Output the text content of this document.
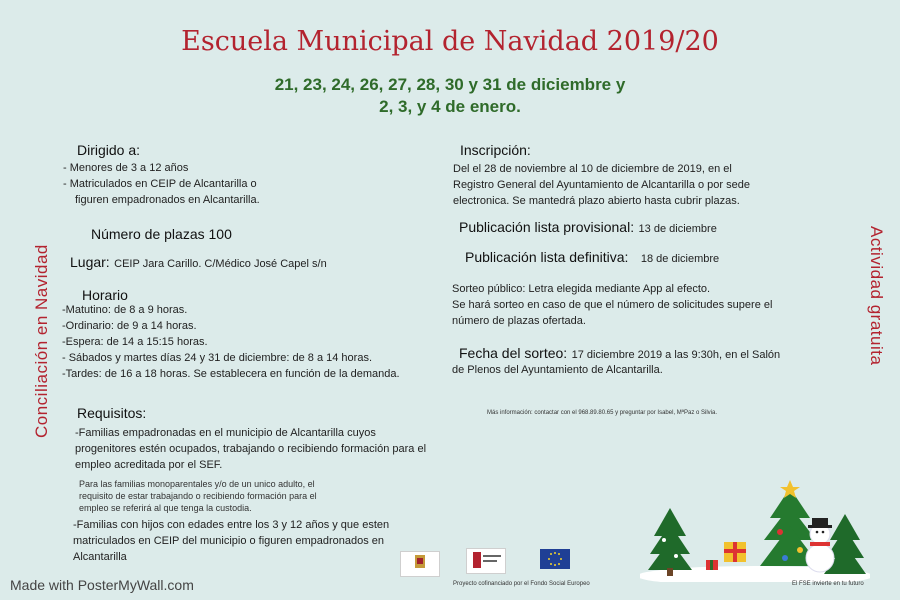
Escuela Municipal de Navidad 2019/20
21, 23, 24, 26, 27, 28, 30 y 31 de diciembre y
2, 3, y 4 de enero.
Conciliación en Navidad	Actividad gratuita
Dirigido a:
- Menores de 3 a 12 años
- Matriculados en CEIP de Alcantarilla o
figuren empadronados en Alcantarilla.
Número de plazas 100
Lugar: CEIP Jara Carillo. C/Médico José Capel s/n
Horario
-Matutino: de 8 a 9 horas.
-Ordinario: de 9 a 14 horas.
-Espera: de 14 a 15:15 horas.
- Sábados y martes días 24 y 31 de diciembre: de 8 a 14 horas.
-Tardes: de 16 a 18 horas. Se establecera en función de la demanda.
Requisitos:
-Familias empadronadas en el municipio de Alcantarilla cuyos
progenitores estén ocupados, trabajando o recibiendo formación para el
empleo acreditada por el SEF.
Para las familias monoparentales y/o de un unico adulto, el
requisito de estar trabajando o recibiendo formación para el
empleo se referirá al que tenga la custodia.
-Familias con hijos con edades entre los 3 y 12 años y que esten
matriculados en CEIP del municipio o figuren empadronados en
Alcantarilla
Inscripción:
Del el 28 de noviembre al 10 de diciembre de 2019, en el
Registro General del Ayuntamiento de Alcantarilla o por sede
electronica. Se mantedrá plazo abierto hasta cubrir plazas.
Publicación lista provisional: 13 de diciembre
Publicación lista definitiva: 18 de diciembre
Sorteo público: Letra elegida mediante App al efecto.
Se hará sorteo en caso de que el número de solicitudes supere el
número de plazas ofertada.
Fecha del sorteo: 17 diciembre 2019 a las 9:30h, en el Salón
de Plenos del Ayuntamiento de Alcantarilla.
Más información: contactar con el 968.89.80.65 y preguntar por Isabel, MªPaz o Silvia.
Proyecto cofinanciado por el Fondo Social Europeo	El FSE invierte en tu futuro
Made with PosterMyWall.com
